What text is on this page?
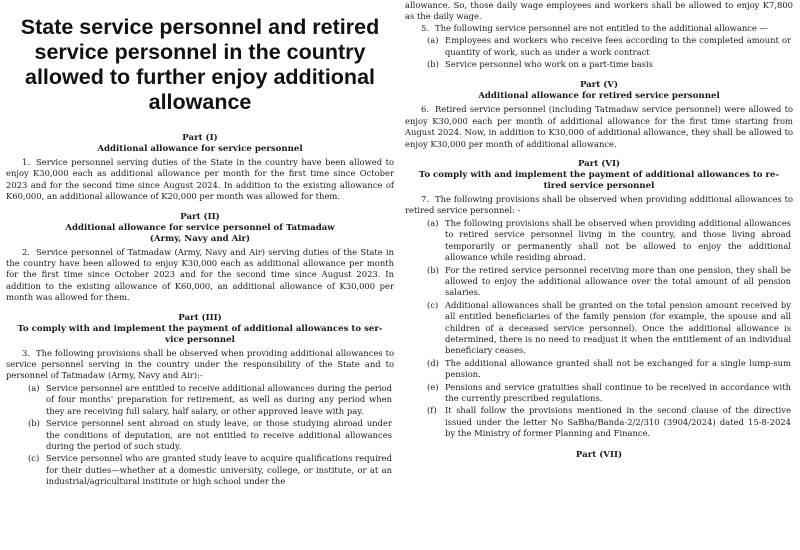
State service personnel and retired service personnel in the country allowed to further enjoy additional allowance
Part (I)
Additional allowance for service personnel

1. Service personnel serving duties of the State in the country have been allowed to enjoy K30,000 each as additional allowance per month for the first time since October 2023 and for the second time since August 2024. In addition to the existing allowance of K60,000, an additional allowance of K20,000 per month was allowed for them.

Part (II)
Additional allowance for service personnel of Tatmadaw
(Army, Navy and Air)

2. Service personnel of Tatmadaw (Army, Navy and Air) serving duties of the State in the country have been allowed to enjoy K30,000 each as additional allowance per month for the first time since October 2023 and for the second time since August 2023. In addition to the existing allowance of K60,000, an additional allowance of K30,000 per month was allowed for them.

Part (III)
To comply with and implement the payment of additional allowances to ser-
vice personnel

3. The following provisions shall be observed when providing additional allowances to service personnel serving in the country under the responsibility of the State and to personnel of Tatmadaw (Army, Navy and Air):-

(a) Service personnel are entitled to receive additional allowances during the period of four months' preparation for retirement, as well as during any period when they are receiving full salary, half salary, or other approved leave with pay.
(b) Service personnel sent abroad on study leave, or those studying abroad under the conditions of deputation, are not entitled to receive additional allowances during the period of such study.
(c) Service personnel who are granted study leave to acquire qualifications required for their duties—whether at a domestic university, college, or institute, or at an industrial/agricultural institute or high school under the

allowance. So, those daily wage employees and workers shall be allowed to enjoy K7,800 as the daily wage.

5. The following service personnel are not entitled to the additional allowance —

(a) Employees and workers who receive fees according to the completed amount or quantity of work, such as under a work contract
(b) Service personnel who work on a part-time basis
Part (V)
Additional allowance for retired service personnel

6. Retired service personnel (including Tatmadaw service personnel) were allowed to enjoy K30,000 each per month of additional allowance for the first time starting from August 2024. Now, in addition to K30,000 of additional allowance, they shall be allowed to enjoy K30,000 per month of additional allowance.

Part (VI)
To comply with and implement the payment of additional allowances to re-
tired service personnel

7. The following provisions shall be observed when providing additional allowances to retired service personnel: -

(a) The following provisions shall be observed when providing additional allowances to retired service personnel living in the country, and those living abroad temporarily or permanently shall not be allowed to enjoy the additional allowance while residing abroad.
(b) For the retired service personnel receiving more than one pension, they shall be allowed to enjoy the additional allowance over the total amount of all pension salaries.
(c) Additional allowances shall be granted on the total pension amount received by all entitled beneficiaries of the family pension (for example, the spouse and all children of a deceased service personnel). Once the additional allowance is determined, there is no need to readjust it when the entitlement of an individual beneficiary ceases.
(d) The additional allowance granted shall not be exchanged for a single lump-sum pension.
(e) Pensions and service gratuities shall continue to be received in accordance with the currently prescribed regulations.
(f) It shall follow the provisions mentioned in the second clause of the directive issued under the letter No SaBha/Banda-2/2/310 (3904/2024) dated 15-8-2024 by the Ministry of former Planning and Finance.
Part (VII)
